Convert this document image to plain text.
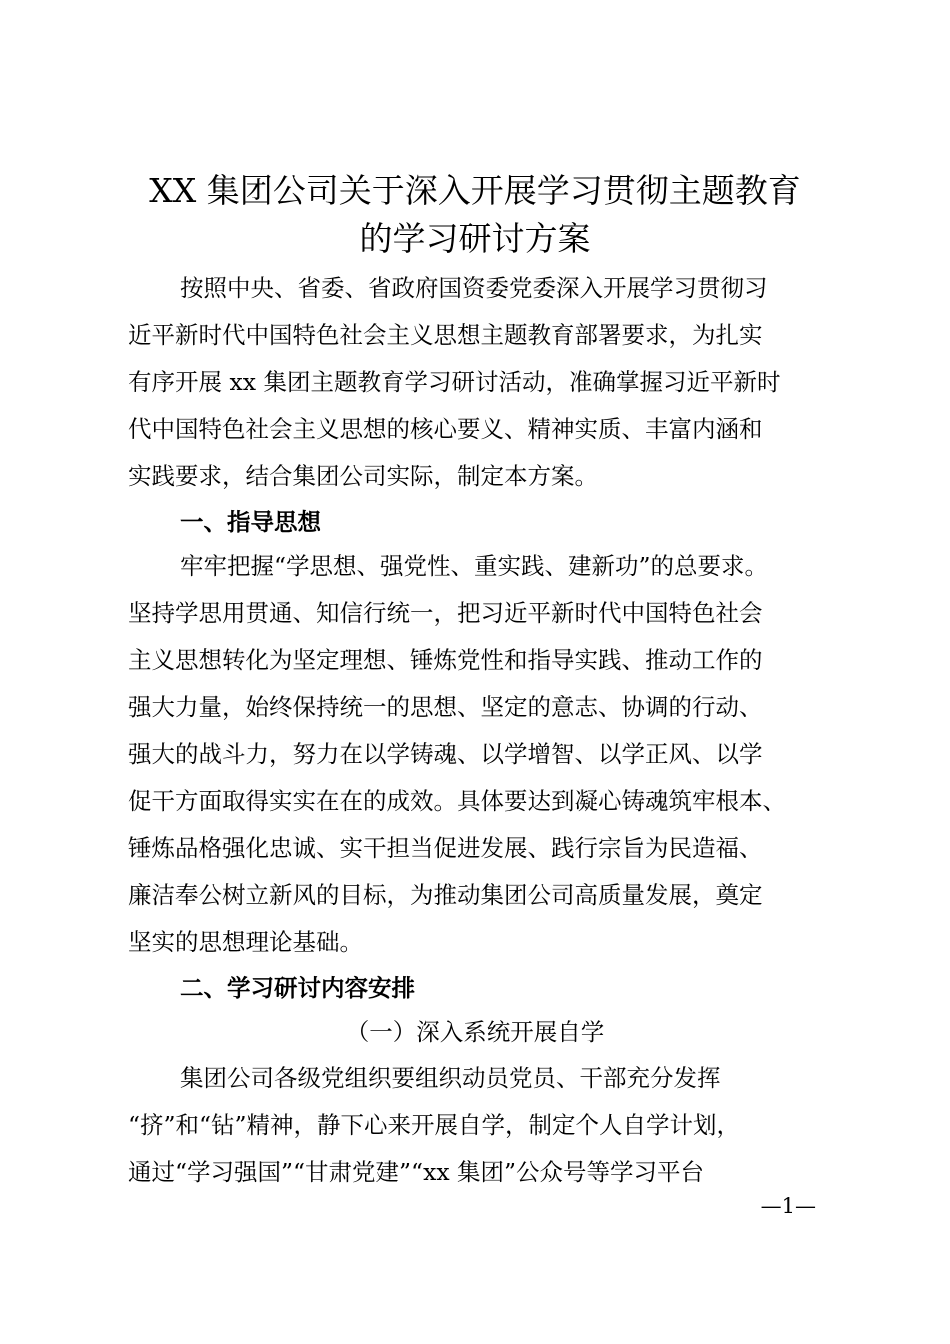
XX 集团公司关于深入开展学习贯彻主题教育
的学习研讨方案

按照中央、省委、省政府国资委党委深入开展学习贯彻习

近平新时代中国特色社会主义思想主题教育部署要求，为扎实

有序开展 xx 集团主题教育学习研讨活动，准确掌握习近平新时

代中国特色社会主义思想的核心要义、精神实质、丰富内涵和

实践要求，结合集团公司实际，制定本方案。

一、指导思想

牢牢把握“学思想、强党性、重实践、建新功”的总要求。

坚持学思用贯通、知信行统一，把习近平新时代中国特色社会

主义思想转化为坚定理想、锤炼党性和指导实践、推动工作的

强大力量，始终保持统一的思想、坚定的意志、协调的行动、

强大的战斗力，努力在以学铸魂、以学增智、以学正风、以学

促干方面取得实实在在的成效。具体要达到凝心铸魂筑牢根本、

锤炼品格强化忠诚、实干担当促进发展、践行宗旨为民造福、

廉洁奉公树立新风的目标，为推动集团公司高质量发展，奠定

坚实的思想理论基础。

二、学习研讨内容安排
（一）深入系统开展自学

集团公司各级党组织要组织动员党员、干部充分发挥

“挤”和“钻”精神，静下心来开展自学，制定个人自学计划，

通过“学习强国”“甘肃党建”“xx 集团”公众号等学习平台

—1—
